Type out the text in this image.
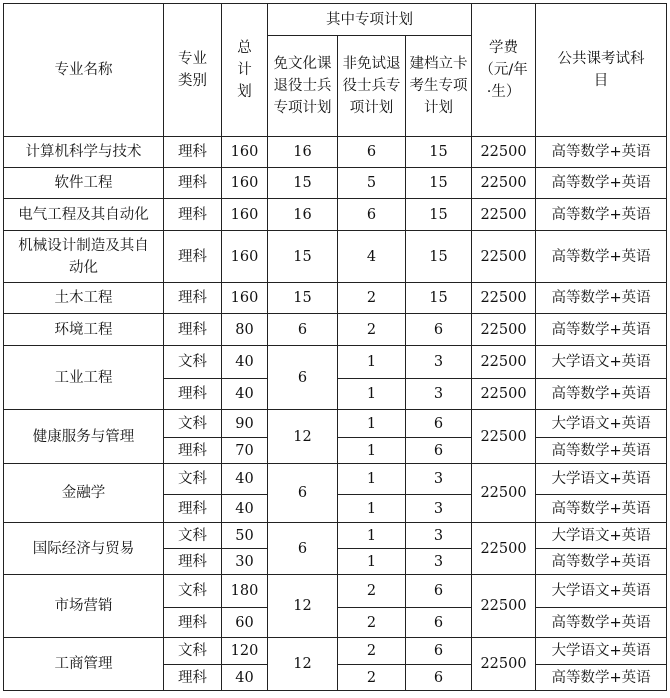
专业名称	专业类别	总计划	其中专项计划			学费（元/年·生）	公共课考试科目

			免文化课退役士兵专项计划	非免试退役士兵专项计划	建档立卡考生专项计划		

计算机科学与技术	理科	160	16	6	15	22500	高等数学+英语
软件工程	理科	160	15	5	15	22500	高等数学+英语
电气工程及其自动化	理科	160	16	6	15	22500	高等数学+英语

机械设计制造及其自动化	理科	160	15	4	15	22500	高等数学+英语
土木工程	理科	160	15	2	15	22500	高等数学+英语
环境工程	理科	80	6	2	6	22500	高等数学+英语
工业工程	文科	40	6	1	3	22500	大学语文+英语
	理科	40		1	3	22500	高等数学+英语
健康服务与管理	文科	90	12	1	6	22500	大学语文+英语
	理科	70		1	6		高等数学+英语
金融学	文科	40	6	1	3	22500	大学语文+英语
	理科	40		1	3		高等数学+英语
国际经济与贸易	文科	50	6	1	3	22500	大学语文+英语
	理科	30		1	3		高等数学+英语
市场营销	文科	180	12	2	6	22500	大学语文+英语
	理科	60		2	6		高等数学+英语
工商管理	文科	120	12	2	6	22500	大学语文+英语
	理科	40		2	6		高等数学+英语
